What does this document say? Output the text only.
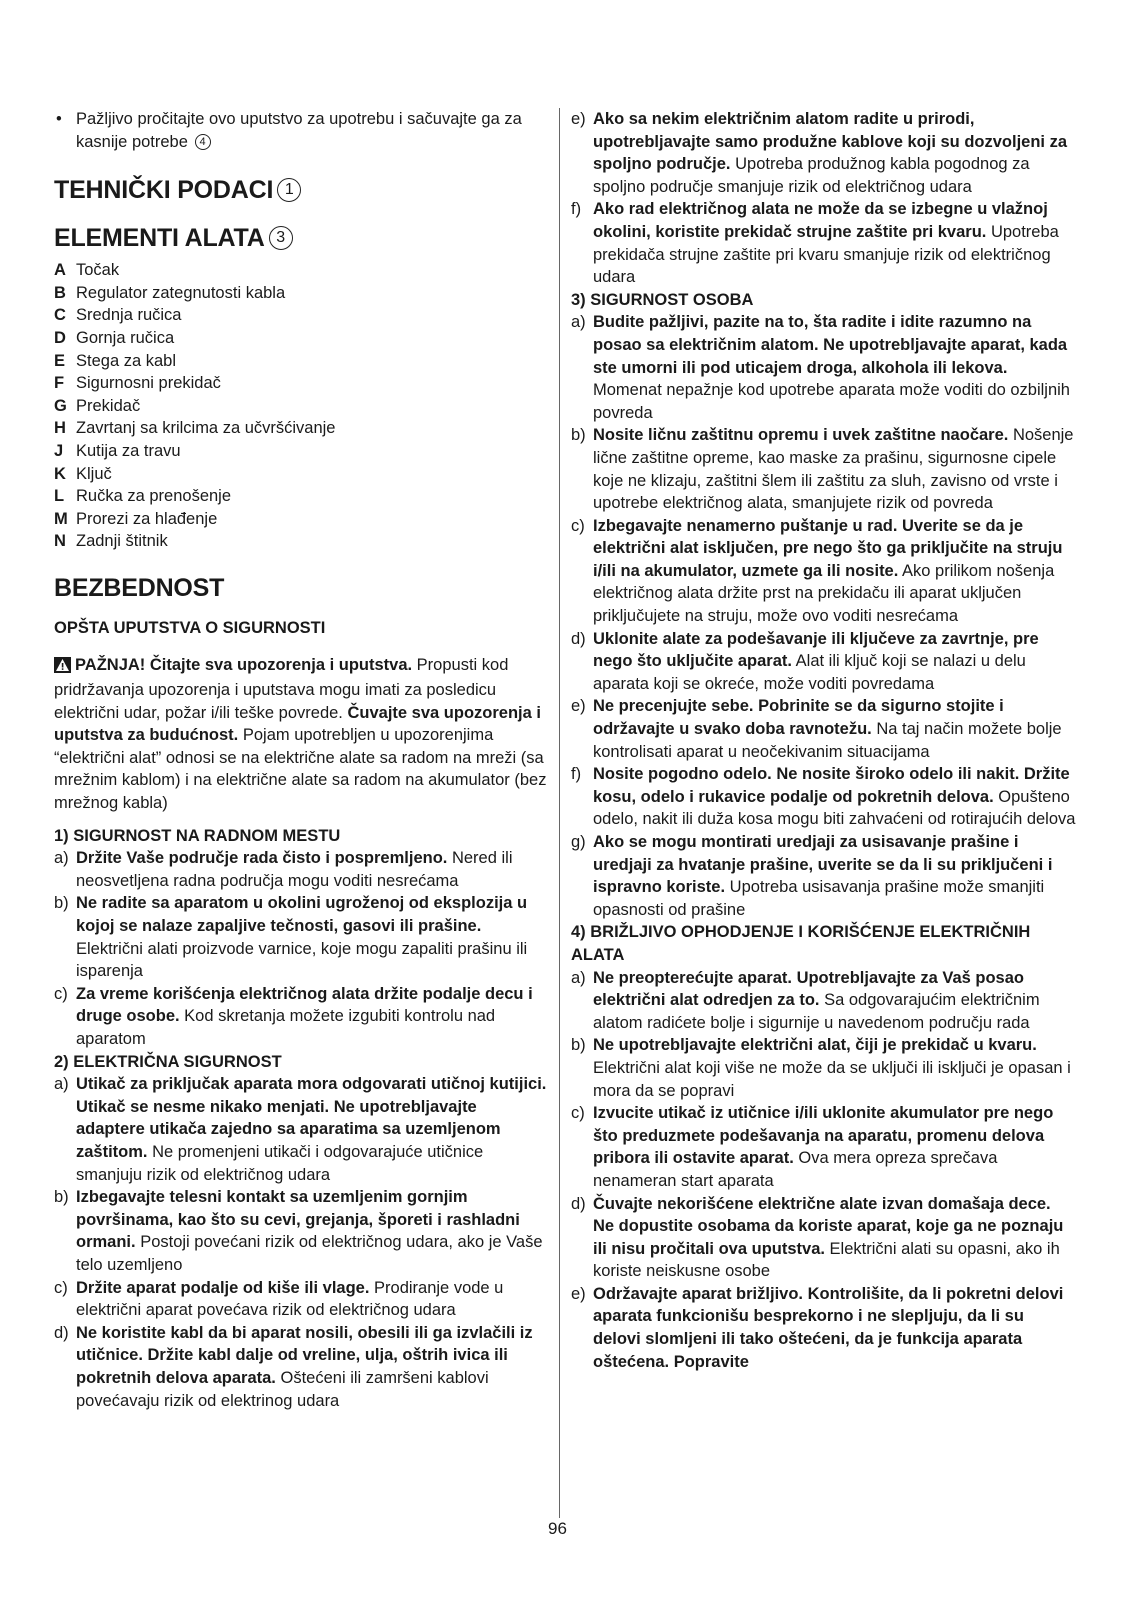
• Pažljivo pročitajte ovo uputstvo za upotrebu i sačuvajte ga za kasnije potrebe 4
TEHNIČKI PODACI 1
ELEMENTI ALATA 3
A Točak
B Regulator zategnutosti kabla
C Srednja ručica
D Gornja ručica
E Stega za kabl
F Sigurnosni prekidač
G Prekidač
H Zavrtanj sa krilcima za učvršćivanje
J Kutija za travu
K Ključ
L Ručka za prenošenje
M Prorezi za hlađenje
N Zadnji štitnik
BEZBEDNOST
OPŠTA UPUTSTVA O SIGURNOSTI
PAŽNJA! Čitajte sva upozorenja i uputstva. Propusti kod pridržavanja upozorenja i uputstava mogu imati za posledicu električni udar, požar i/ili teške povrede. Čuvajte sva upozorenja i uputstva za budućnost. Pojam upotrebljen u upozorenjima “električni alat” odnosi se na električne alate sa radom na mreži (sa mrežnim kablom) i na električne alate sa radom na akumulator (bez mrežnog kabla)
1) SIGURNOST NA RADNOM MESTU
a) Držite Vaše područje rada čisto i pospremljeno. Nered ili neosvetljena radna područja mogu voditi nesrećama
b) Ne radite sa aparatom u okolini ugroženoj od eksplozija u kojoj se nalaze zapaljive tečnosti, gasovi ili prašine. Električni alati proizvode varnice, koje mogu zapaliti prašinu ili isparenja
c) Za vreme korišćenja električnog alata držite podalje decu i druge osobe. Kod skretanja možete izgubiti kontrolu nad aparatom
2) ELEKTRIČNA SIGURNOST
a) Utikač za priključak aparata mora odgovarati utičnoj kutijici. Utikač se nesme nikako menjati. Ne upotrebljavajte adaptere utikača zajedno sa aparatima sa uzemljenom zaštitom. Ne promenjeni utikači i odgovarajuće utičnice smanjuju rizik od električnog udara
b) Izbegavajte telesni kontakt sa uzemljenim gornjim površinama, kao što su cevi, grejanja, šporeti i rashladni ormani. Postoji povećani rizik od električnog udara, ako je Vaše telo uzemljeno
c) Držite aparat podalje od kiše ili vlage. Prodiranje vode u električni aparat povećava rizik od električnog udara
d) Ne koristite kabl da bi aparat nosili, obesili ili ga izvlačili iz utičnice. Držite kabl dalje od vreline, ulja, oštrih ivica ili pokretnih delova aparata. Oštećeni ili zamršeni kablovi povećavaju rizik od elektrinog udara
e) Ako sa nekim električnim alatom radite u prirodi, upotrebljavajte samo produžne kablove koji su dozvoljeni za spoljno područje. Upotreba produžnog kabla pogodnog za spoljno područje smanjuje rizik od električnog udara
f) Ako rad električnog alata ne može da se izbegne u vlažnoj okolini, koristite prekidač strujne zaštite pri kvaru. Upotreba prekidača strujne zaštite pri kvaru smanjuje rizik od električnog udara
3) SIGURNOST OSOBA
a) Budite pažljivi, pazite na to, šta radite i idite razumno na posao sa električnim alatom. Ne upotrebljavajte aparat, kada ste umorni ili pod uticajem droga, alkohola ili lekova. Momenat nepažnje kod upotrebe aparata može voditi do ozbiljnih povreda
b) Nosite ličnu zaštitnu opremu i uvek zaštitne naočare. Nošenje lične zaštitne opreme, kao maske za prašinu, sigurnosne cipele koje ne klizaju, zaštitni šlem ili zaštitu za sluh, zavisno od vrste i upotrebe električnog alata, smanjujete rizik od povreda
c) Izbegavajte nenamerno puštanje u rad. Uverite se da je električni alat isključen, pre nego što ga priključite na struju i/ili na akumulator, uzmete ga ili nosite. Ako prilikom nošenja električnog alata držite prst na prekidaču ili aparat uključen priključujete na struju, može ovo voditi nesrećama
d) Uklonite alate za podešavanje ili ključeve za zavrtnje, pre nego što uključite aparat. Alat ili ključ koji se nalazi u delu aparata koji se okreće, može voditi povredama
e) Ne precenjujte sebe. Pobrinite se da sigurno stojite i održavajte u svako doba ravnotežu. Na taj način možete bolje kontrolisati aparat u neočekivanim situacijama
f) Nosite pogodno odelo. Ne nosite široko odelo ili nakit. Držite kosu, odelo i rukavice podalje od pokretnih delova. Opušteno odelo, nakit ili duža kosa mogu biti zahvaćeni od rotirajućih delova
g) Ako se mogu montirati uredjaji za usisavanje prašine i uredjaji za hvatanje prašine, uverite se da li su priključeni i ispravno koriste. Upotreba usisavanja prašine može smanjiti opasnosti od prašine
4) BRIŽLJIVO OPHODJENJE I KORIŠĆENJE ELEKTRIČNIH ALATA
a) Ne preopterećujte aparat. Upotrebljavajte za Vaš posao električni alat odredjen za to. Sa odgovarajućim električnim alatom radićete bolje i sigurnije u navedenom području rada
b) Ne upotrebljavajte električni alat, čiji je prekidač u kvaru. Električni alat koji više ne može da se uključi ili isključi je opasan i mora da se popravi
c) Izvucite utikač iz utičnice i/ili uklonite akumulator pre nego što preduzmete podešavanja na aparatu, promenu delova pribora ili ostavite aparat. Ova mera opreza sprečava nenameran start aparata
d) Čuvajte nekorišćene električne alate izvan domašaja dece. Ne dopustite osobama da koriste aparat, koje ga ne poznaju ili nisu pročitali ova uputstva. Električni alati su opasni, ako ih koriste neiskusne osobe
e) Održavajte aparat brižljivo. Kontrolišite, da li pokretni delovi aparata funkcionišu besprekorno i ne slepljuju, da li su delovi slomljeni ili tako oštećeni, da je funkcija aparata oštećena. Popravite
96
